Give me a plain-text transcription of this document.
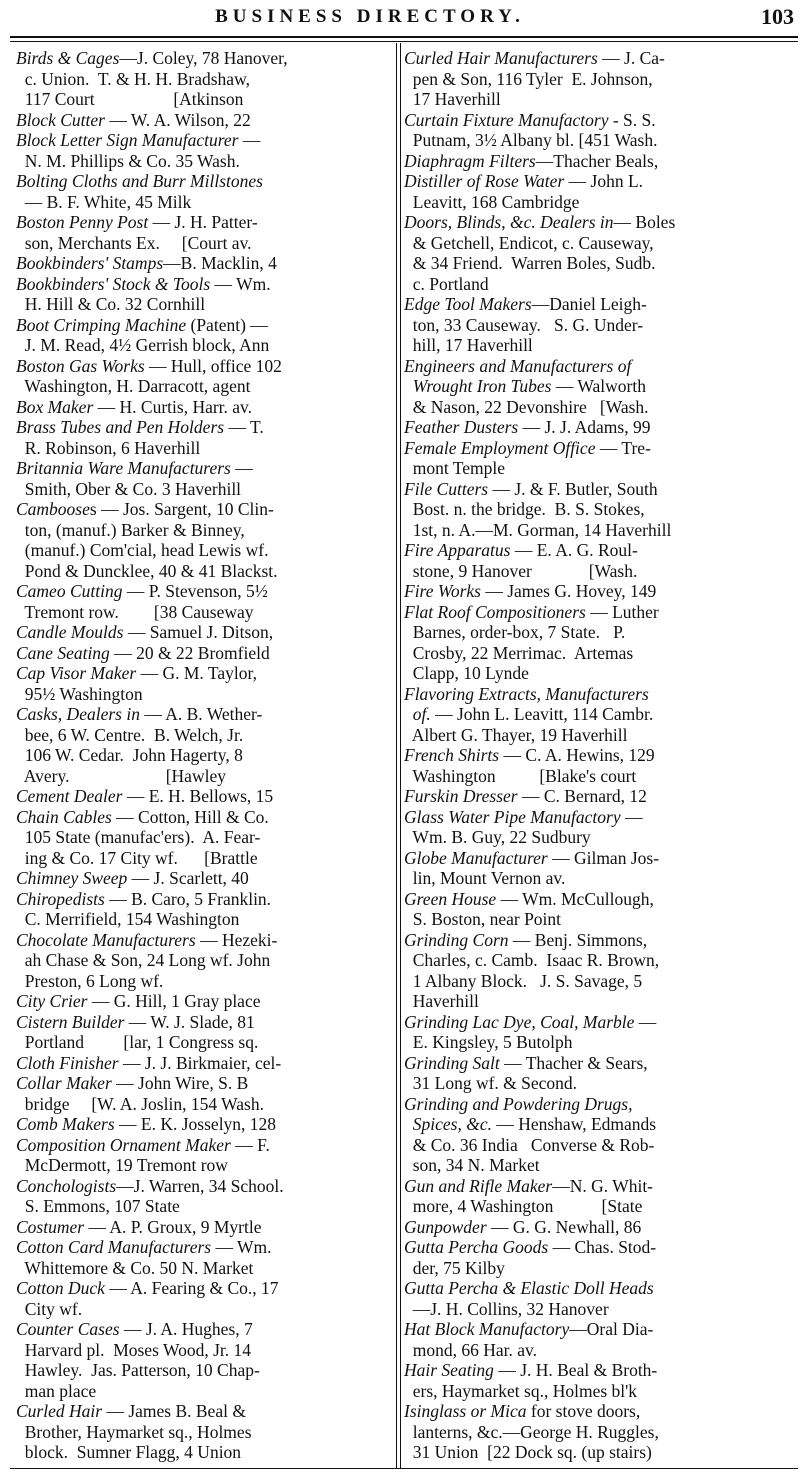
BUSINESS DIRECTORY.	103
Birds & Cages—J. Coley, 78 Hanover,
c. Union.  T. & H. H. Bradshaw,
117 Court                  [Atkinson
Block Cutter — W. A. Wilson, 22
Block Letter Sign Manufacturer —
N. M. Phillips & Co. 35 Wash.
Bolting Cloths and Burr Millstones
— B. F. White, 45 Milk
Boston Penny Post — J. H. Patter-
son, Merchants Ex.     [Court av.
Bookbinders' Stamps—B. Macklin, 4
Bookbinders' Stock & Tools — Wm.
H. Hill & Co. 32 Cornhill
Boot Crimping Machine (Patent) —
J. M. Read, 4½ Gerrish block, Ann
Boston Gas Works — Hull, office 102
Washington, H. Darracott, agent
Box Maker — H. Curtis, Harr. av.
Brass Tubes and Pen Holders — T.
R. Robinson, 6 Haverhill
Britannia Ware Manufacturers —
Smith, Ober & Co. 3 Haverhill
Cambooses — Jos. Sargent, 10 Clin-
ton, (manuf.) Barker & Binney,
(manuf.) Com'cial, head Lewis wf.
Pond & Duncklee, 40 & 41 Blackst.
Cameo Cutting — P. Stevenson, 5½
Tremont row.        [38 Causeway
Candle Moulds — Samuel J. Ditson,
Cane Seating — 20 & 22 Bromfield
Cap Visor Maker — G. M. Taylor,
95½ Washington
Casks, Dealers in — A. B. Wether-
bee, 6 W. Centre.  B. Welch, Jr.
106 W. Cedar.  John Hagerty, 8
Avery.                      [Hawley
Cement Dealer — E. H. Bellows, 15
Chain Cables — Cotton, Hill & Co.
105 State (manufac'ers).  A. Fear-
ing & Co. 17 City wf.      [Brattle
Chimney Sweep — J. Scarlett, 40
Chiropedists — B. Caro, 5 Franklin.
C. Merrifield, 154 Washington
Chocolate Manufacturers — Hezeki-
ah Chase & Son, 24 Long wf. John
Preston, 6 Long wf.
City Crier — G. Hill, 1 Gray place
Cistern Builder — W. J. Slade, 81
Portland         [lar, 1 Congress sq.
Cloth Finisher — J. J. Birkmaier, cel-
Collar Maker — John Wire, S. B
bridge     [W. A. Joslin, 154 Wash.
Comb Makers — E. K. Josselyn, 128
Composition Ornament Maker — F.
McDermott, 19 Tremont row
Conchologists—J. Warren, 34 School.
S. Emmons, 107 State
Costumer — A. P. Groux, 9 Myrtle
Cotton Card Manufacturers — Wm.
Whittemore & Co. 50 N. Market
Cotton Duck — A. Fearing & Co., 17
City wf.
Counter Cases — J. A. Hughes, 7
Harvard pl.  Moses Wood, Jr. 14
Hawley.  Jas. Patterson, 10 Chap-
man place
Curled Hair — James B. Beal &
Brother, Haymarket sq., Holmes
block.  Sumner Flagg, 4 Union
Curled Hair Manufacturers — J. Ca-
pen & Son, 116 Tyler  E. Johnson,
17 Haverhill
Curtain Fixture Manufactory - S. S.
Putnam, 3½ Albany bl. [451 Wash.
Diaphragm Filters—Thacher Beals,
Distiller of Rose Water — John L.
Leavitt, 168 Cambridge
Doors, Blinds, &c. Dealers in— Boles
& Getchell, Endicot, c. Causeway,
& 34 Friend.  Warren Boles, Sudb.
c. Portland
Edge Tool Makers—Daniel Leigh-
ton, 33 Causeway.   S. G. Under-
hill, 17 Haverhill
Engineers and Manufacturers of
Wrought Iron Tubes — Walworth
& Nason, 22 Devonshire   [Wash.
Feather Dusters — J. J. Adams, 99
Female Employment Office — Tre-
mont Temple
File Cutters — J. & F. Butler, South
Bost. n. the bridge.  B. S. Stokes,
1st, n. A.—M. Gorman, 14 Haverhill
Fire Apparatus — E. A. G. Roul-
stone, 9 Hanover             [Wash.
Fire Works — James G. Hovey, 149
Flat Roof Compositioners — Luther
Barnes, order-box, 7 State.   P.
Crosby, 22 Merrimac.  Artemas
Clapp, 10 Lynde
Flavoring Extracts, Manufacturers
of. — John L. Leavitt, 114 Cambr.
Albert G. Thayer, 19 Haverhill
French Shirts — C. A. Hewins, 129
Washington          [Blake's court
Furskin Dresser — C. Bernard, 12
Glass Water Pipe Manufactory —
Wm. B. Guy, 22 Sudbury
Globe Manufacturer — Gilman Jos-
lin, Mount Vernon av.
Green House — Wm. McCullough,
S. Boston, near Point
Grinding Corn — Benj. Simmons,
Charles, c. Camb.  Isaac R. Brown,
1 Albany Block.   J. S. Savage, 5
Haverhill
Grinding Lac Dye, Coal, Marble —
E. Kingsley, 5 Butolph
Grinding Salt — Thacher & Sears,
31 Long wf. & Second.
Grinding and Powdering Drugs,
Spices, &c. — Henshaw, Edmands
& Co. 36 India   Converse & Rob-
son, 34 N. Market
Gun and Rifle Maker—N. G. Whit-
more, 4 Washington           [State
Gunpowder — G. G. Newhall, 86
Gutta Percha Goods — Chas. Stod-
der, 75 Kilby
Gutta Percha & Elastic Doll Heads
—J. H. Collins, 32 Hanover
Hat Block Manufactory—Oral Dia-
mond, 66 Har. av.
Hair Seating — J. H. Beal & Broth-
ers, Haymarket sq., Holmes bl'k
Isinglass or Mica for stove doors,
lanterns, &c.—George H. Ruggles,
31 Union  [22 Dock sq. (up stairs)
